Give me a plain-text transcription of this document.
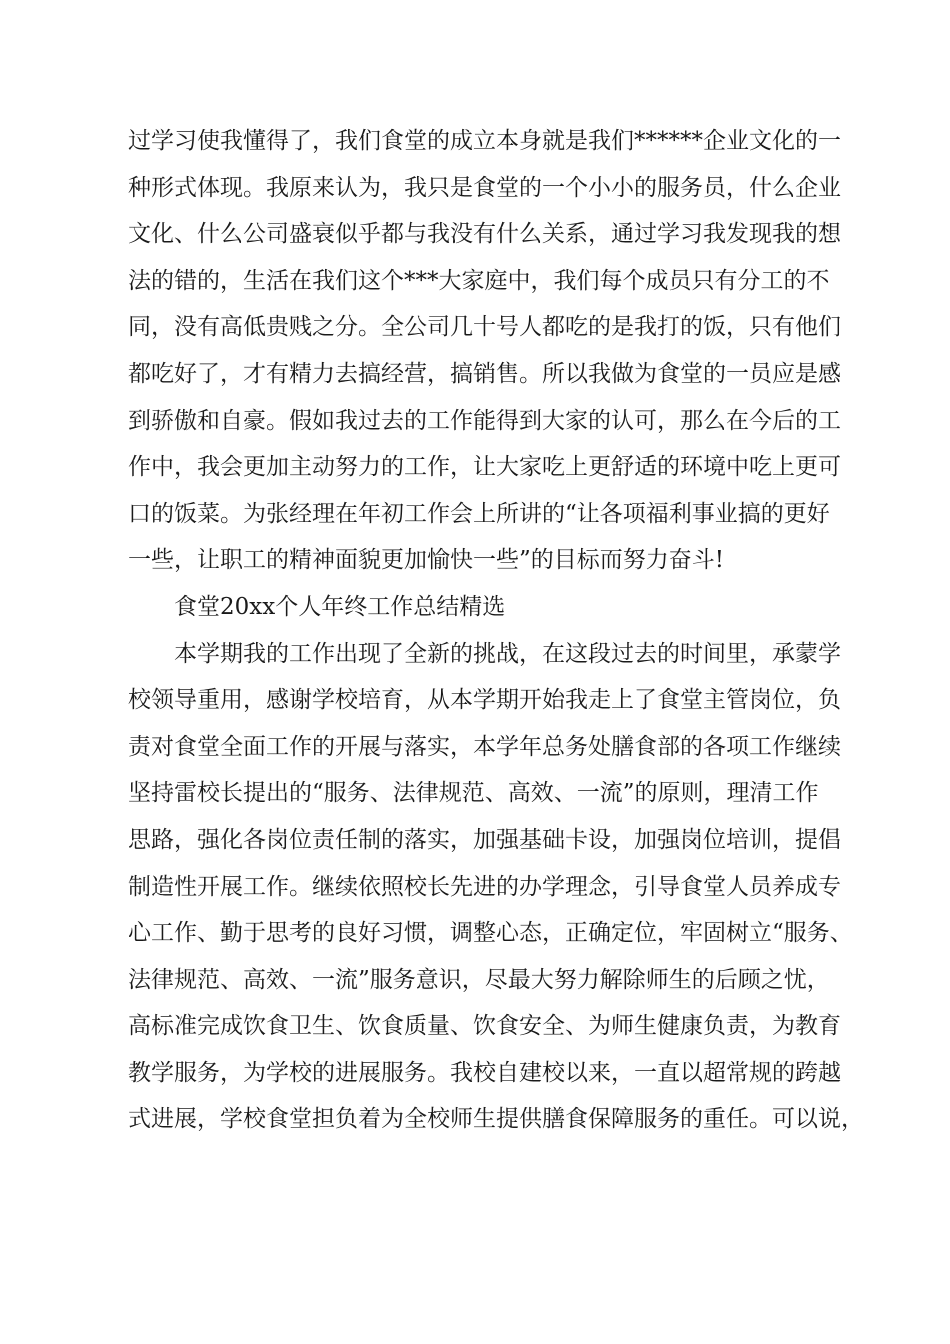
过学习使我懂得了，我们食堂的成立本身就是我们******企业文化的一
种形式体现。我原来认为，我只是食堂的一个小小的服务员，什么企业
文化、什么公司盛衰似乎都与我没有什么关系，通过学习我发现我的想
法的错的，生活在我们这个***大家庭中，我们每个成员只有分工的不
同，没有高低贵贱之分。全公司几十号人都吃的是我打的饭，只有他们
都吃好了，才有精力去搞经营，搞销售。所以我做为食堂的一员应是感
到骄傲和自豪。假如我过去的工作能得到大家的认可，那么在今后的工
作中，我会更加主动努力的工作，让大家吃上更舒适的环境中吃上更可
口的饭菜。为张经理在年初工作会上所讲的“让各项福利事业搞的更好
一些，让职工的精神面貌更加愉快一些”的目标而努力奋斗!
食堂20xx个人年终工作总结精选
本学期我的工作出现了全新的挑战，在这段过去的时间里，承蒙学
校领导重用，感谢学校培育，从本学期开始我走上了食堂主管岗位，负
责对食堂全面工作的开展与落实，本学年总务处膳食部的各项工作继续
坚持雷校长提出的“服务、法律规范、高效、一流”的原则，理清工作
思路，强化各岗位责任制的落实，加强基础卡设，加强岗位培训，提倡
制造性开展工作。继续依照校长先进的办学理念，引导食堂人员养成专
心工作、勤于思考的良好习惯，调整心态，正确定位，牢固树立“服务、
法律规范、高效、一流”服务意识，尽最大努力解除师生的后顾之忧，
高标准完成饮食卫生、饮食质量、饮食安全、为师生健康负责，为教育
教学服务，为学校的进展服务。我校自建校以来，一直以超常规的跨越
式进展，学校食堂担负着为全校师生提供膳食保障服务的重任。可以说，
